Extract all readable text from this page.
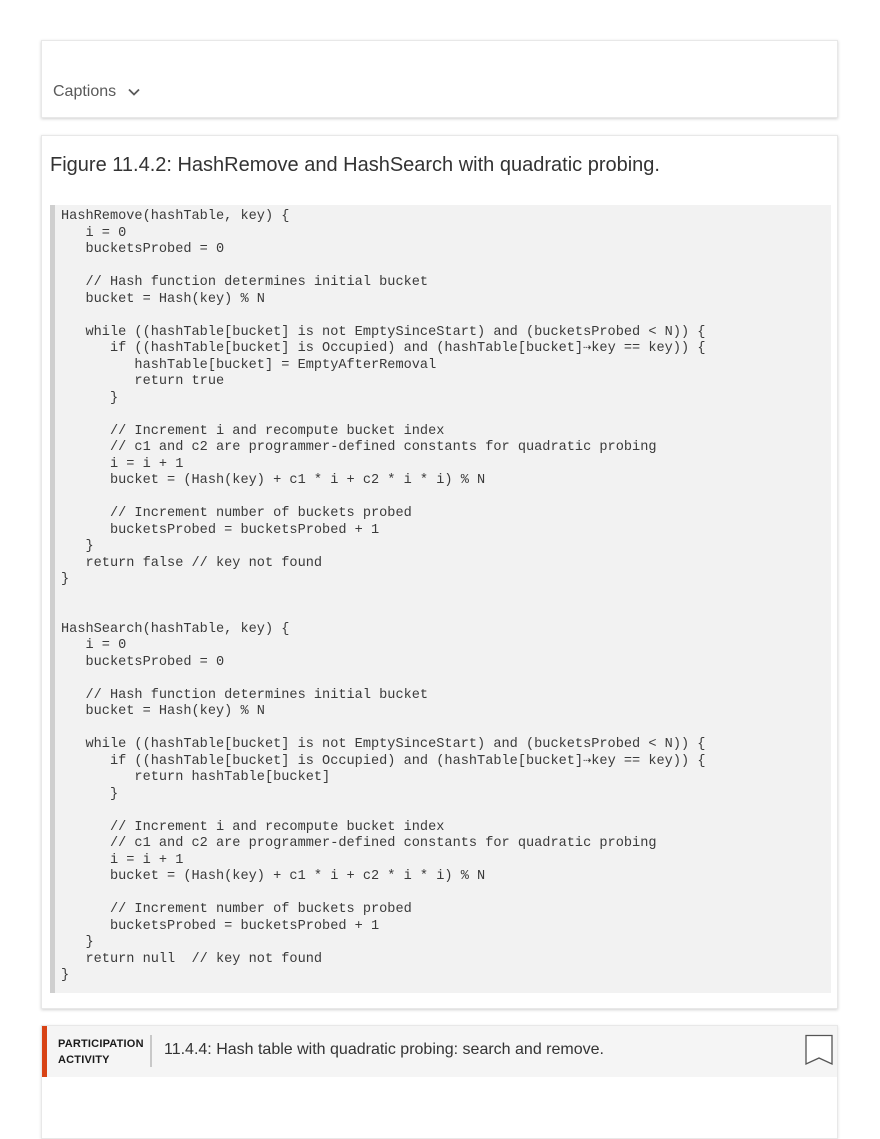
Captions
Figure 11.4.2: HashRemove and HashSearch with quadratic probing.
HashRemove(hashTable, key) {
i = 0
bucketsProbed = 0

// Hash function determines initial bucket
bucket = Hash(key) % N

while ((hashTable[bucket] is not EmptySinceStart) and (bucketsProbed < N)) {
if ((hashTable[bucket] is Occupied) and (hashTable[bucket]⇢key == key)) {
hashTable[bucket] = EmptyAfterRemoval
return true
}

// Increment i and recompute bucket index
// c1 and c2 are programmer-defined constants for quadratic probing
i = i + 1
bucket = (Hash(key) + c1 * i + c2 * i * i) % N

// Increment number of buckets probed
bucketsProbed = bucketsProbed + 1
}
return false // key not found
}

HashSearch(hashTable, key) {
i = 0
bucketsProbed = 0

// Hash function determines initial bucket
bucket = Hash(key) % N

while ((hashTable[bucket] is not EmptySinceStart) and (bucketsProbed < N)) {
if ((hashTable[bucket] is Occupied) and (hashTable[bucket]⇢key == key)) {
return hashTable[bucket]
}

// Increment i and recompute bucket index
// c1 and c2 are programmer-defined constants for quadratic probing
i = i + 1
bucket = (Hash(key) + c1 * i + c2 * i * i) % N

// Increment number of buckets probed
bucketsProbed = bucketsProbed + 1
}
return null  // key not found
}
PARTICIPATION
ACTIVITY
11.4.4: Hash table with quadratic probing: search and remove.
